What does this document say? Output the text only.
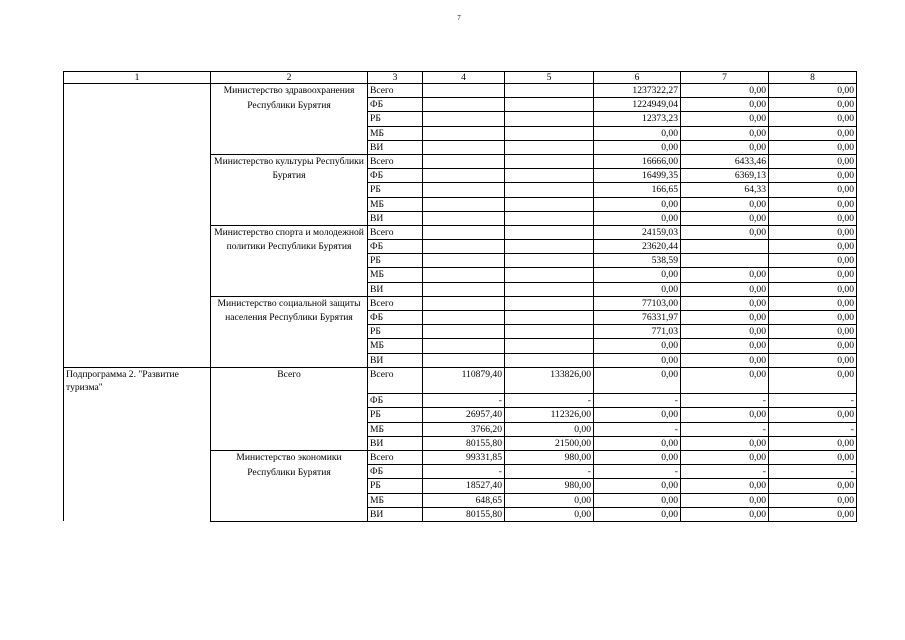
7
1	2	3	4	5	6	7	8
	Министерство здравоохранения Республики Бурятия	Всего			1237322,27	0,00	0,00
		ФБ			1224949,04	0,00	0,00
		РБ			12373,23	0,00	0,00
		МБ			0,00	0,00	0,00
		ВИ			0,00	0,00	0,00
	Министерство культуры Республики Бурятия	Всего			16666,00	6433,46	0,00
		ФБ			16499,35	6369,13	0,00
		РБ			166,65	64,33	0,00
		МБ			0,00	0,00	0,00
		ВИ			0,00	0,00	0,00
	Министерство спорта и молодежной политики Республики Бурятия	Всего			24159,03	0,00	0,00
		ФБ			23620,44		0,00
		РБ			538,59		0,00
		МБ			0,00	0,00	0,00
		ВИ			0,00	0,00	0,00
	Министерство социальной защиты населения Республики Бурятия	Всего			77103,00	0,00	0,00
		ФБ			76331,97	0,00	0,00
		РБ			771,03	0,00	0,00
		МБ			0,00	0,00	0,00
		ВИ			0,00	0,00	0,00
Подпрограмма 2. "Развитие туризма"	Всего	Всего	110879,40	133826,00	0,00	0,00	0,00
		ФБ	-	-	-	-	-
		РБ	26957,40	112326,00	0,00	0,00	0,00
		МБ	3766,20	0,00	-	-	-
		ВИ	80155,80	21500,00	0,00	0,00	0,00
	Министерство экономики Республики Бурятия	Всего	99331,85	980,00	0,00	0,00	0,00
		ФБ	-	-	-	-	-
		РБ	18527,40	980,00	0,00	0,00	0,00
		МБ	648,65	0,00	0,00	0,00	0,00
		ВИ	80155,80	0,00	0,00	0,00	0,00
